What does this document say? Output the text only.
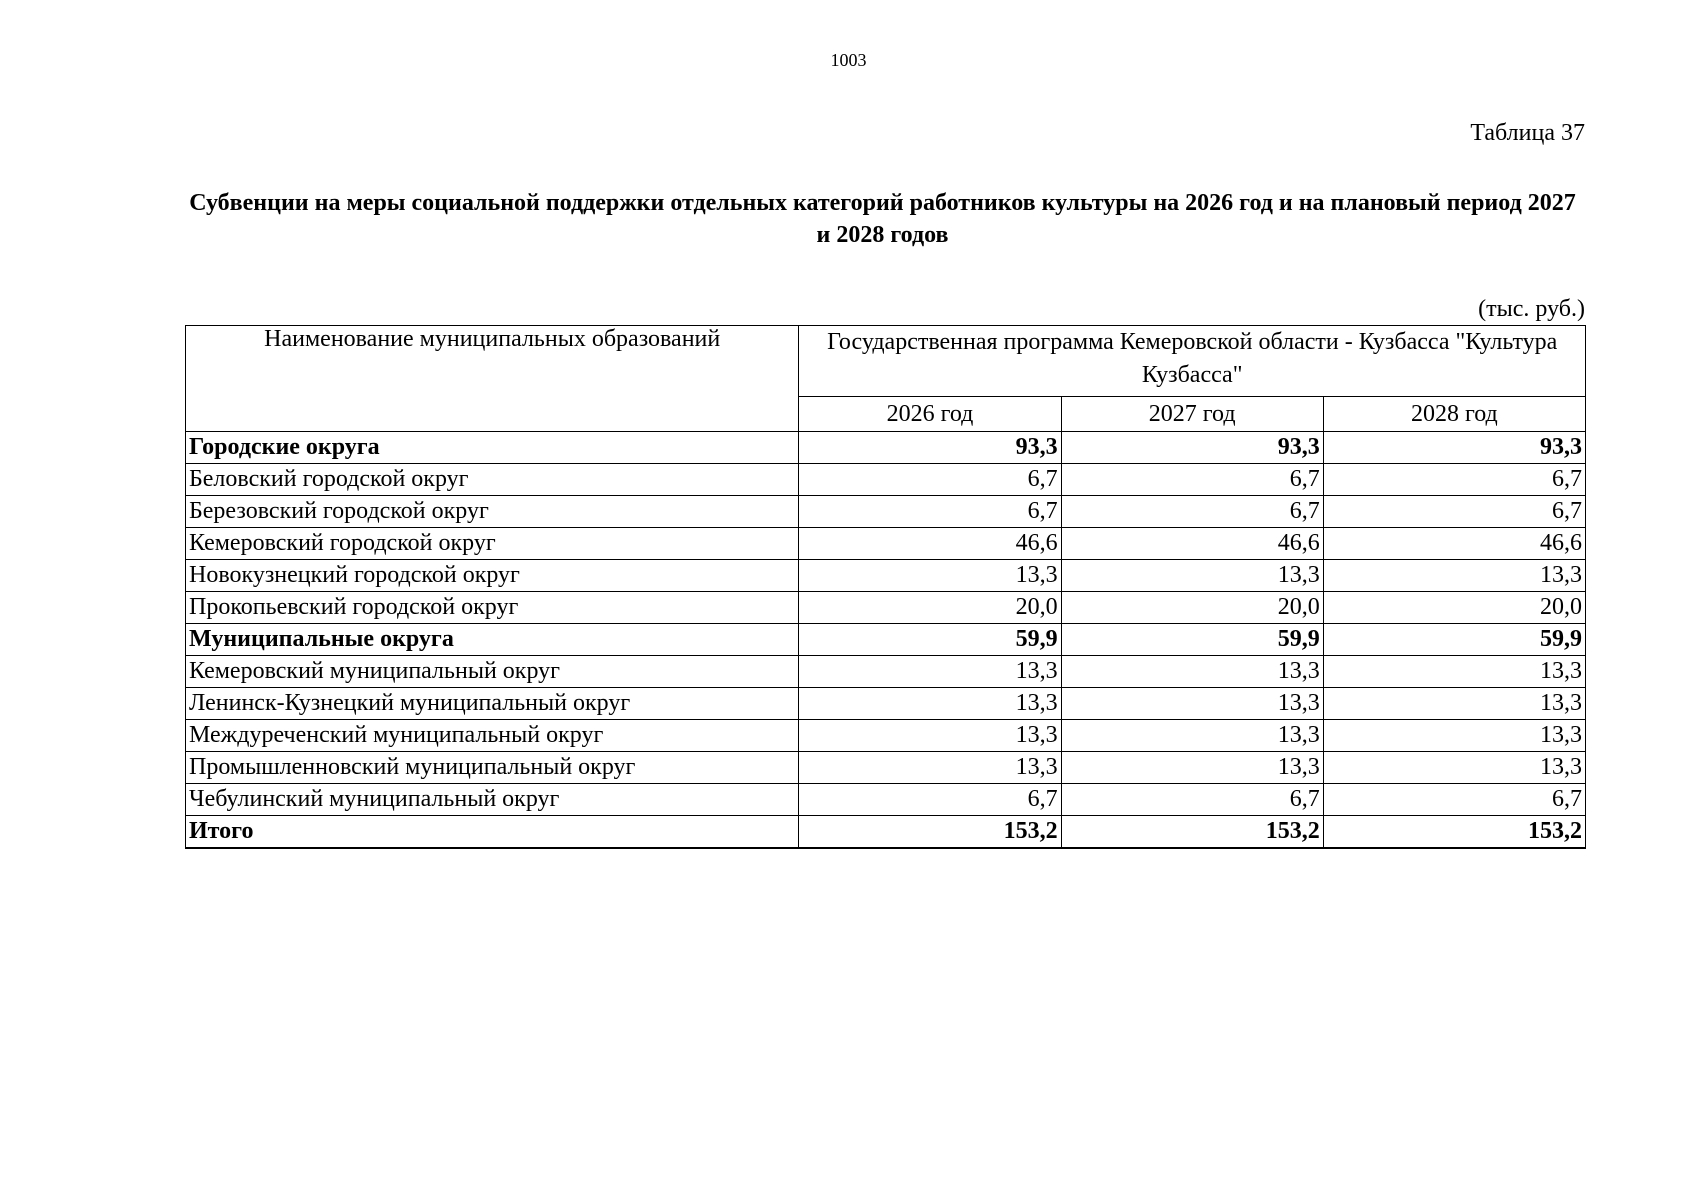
1003
Таблица 37
Субвенции на меры социальной поддержки отдельных категорий работников культуры на 2026 год и на плановый период 2027 и 2028 годов
(тыс. руб.)
Наименование муниципальных образований	Государственная программа Кемеровской области - Кузбасса "Культура Кузбасса"		
	2026 год	2027 год	2028 год
Городские округа	93,3	93,3	93,3
Беловский городской округ	6,7	6,7	6,7
Березовский городской округ	6,7	6,7	6,7
Кемеровский городской округ	46,6	46,6	46,6
Новокузнецкий городской округ	13,3	13,3	13,3
Прокопьевский городской округ	20,0	20,0	20,0
Муниципальные округа	59,9	59,9	59,9
Кемеровский муниципальный округ	13,3	13,3	13,3
Ленинск-Кузнецкий муниципальный округ	13,3	13,3	13,3
Междуреченский муниципальный округ	13,3	13,3	13,3
Промышленновский муниципальный округ	13,3	13,3	13,3
Чебулинский муниципальный округ	6,7	6,7	6,7
Итого	153,2	153,2	153,2
